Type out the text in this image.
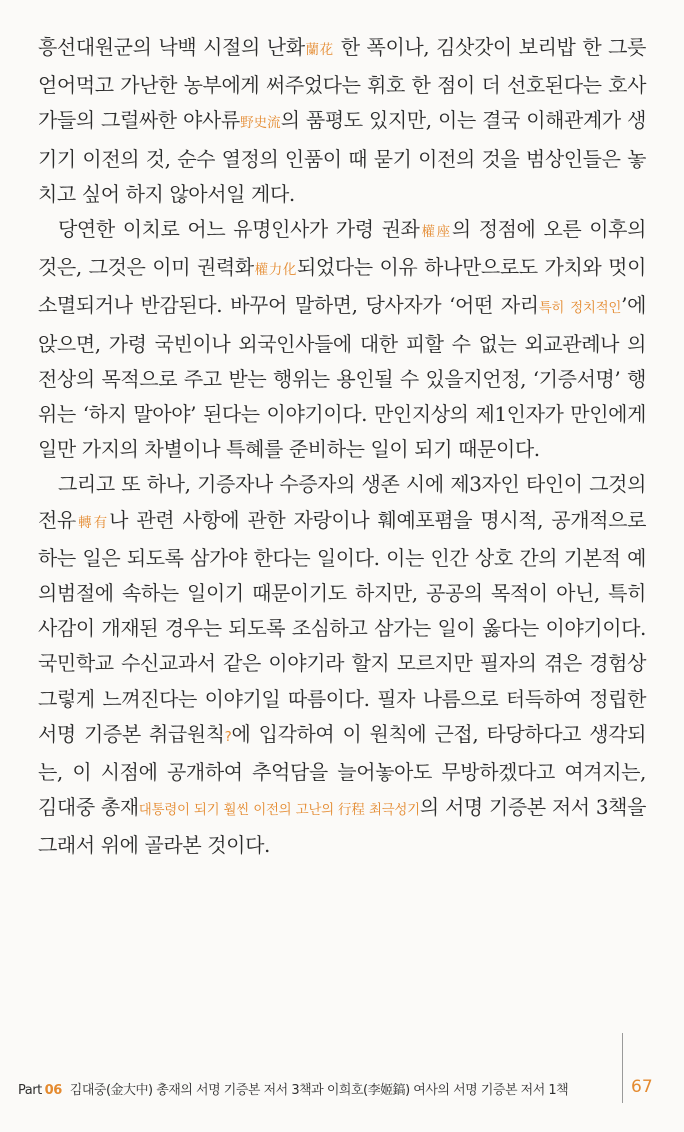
흥선대원군의 낙백 시절의 난화蘭花 한 폭이나, 김삿갓이 보리밥 한 그릇 얻어먹고 가난한 농부에게 써주었다는 휘호 한 점이 더 선호된다는 호사가들의 그럴싸한 야사류野史流의 품평도 있지만, 이는 결국 이해관계가 생기기 이전의 것, 순수 열정의 인품이 때 묻기 이전의 것을 범상인들은 놓치고 싶어 하지 않아서일 게다.

당연한 이치로 어느 유명인사가 가령 권좌權座의 정점에 오른 이후의 것은, 그것은 이미 권력화權力化되었다는 이유 하나만으로도 가치와 멋이 소멸되거나 반감된다. 바꾸어 말하면, 당사자가 ‘어떤 자리특히 정치적인’에 앉으면, 가령 국빈이나 외국인사들에 대한 피할 수 없는 외교관례나 의전상의 목적으로 주고 받는 행위는 용인될 수 있을지언정, ‘기증서명’ 행위는 ‘하지 말아야’ 된다는 이야기이다. 만인지상의 제1인자가 만인에게 일만 가지의 차별이나 특혜를 준비하는 일이 되기 때문이다.

그리고 또 하나, 기증자나 수증자의 생존 시에 제3자인 타인이 그것의 전유轉有나 관련 사항에 관한 자랑이나 훼예포폄을 명시적, 공개적으로 하는 일은 되도록 삼가야 한다는 일이다. 이는 인간 상호 간의 기본적 예의범절에 속하는 일이기 때문이기도 하지만, 공공의 목적이 아닌, 특히 사감이 개재된 경우는 되도록 조심하고 삼가는 일이 옳다는 이야기이다. 국민학교 수신교과서 같은 이야기라 할지 모르지만 필자의 겪은 경험상 그렇게 느껴진다는 이야기일 따름이다. 필자 나름으로 터득하여 정립한 서명 기증본 취급원칙?에 입각하여 이 원칙에 근접, 타당하다고 생각되는, 이 시점에 공개하여 추억담을 늘어놓아도 무방하겠다고 여겨지는, 김대중 총재대통령이 되기 훨씬 이전의 고난의 行程 최극성기의 서명 기증본 저서 3책을 그래서 위에 골라본 것이다.

Part 06 김대중(金大中) 총재의 서명 기증본 저서 3책과 이희호(李姬鎬) 여사의 서명 기증본 저서 1책	67
